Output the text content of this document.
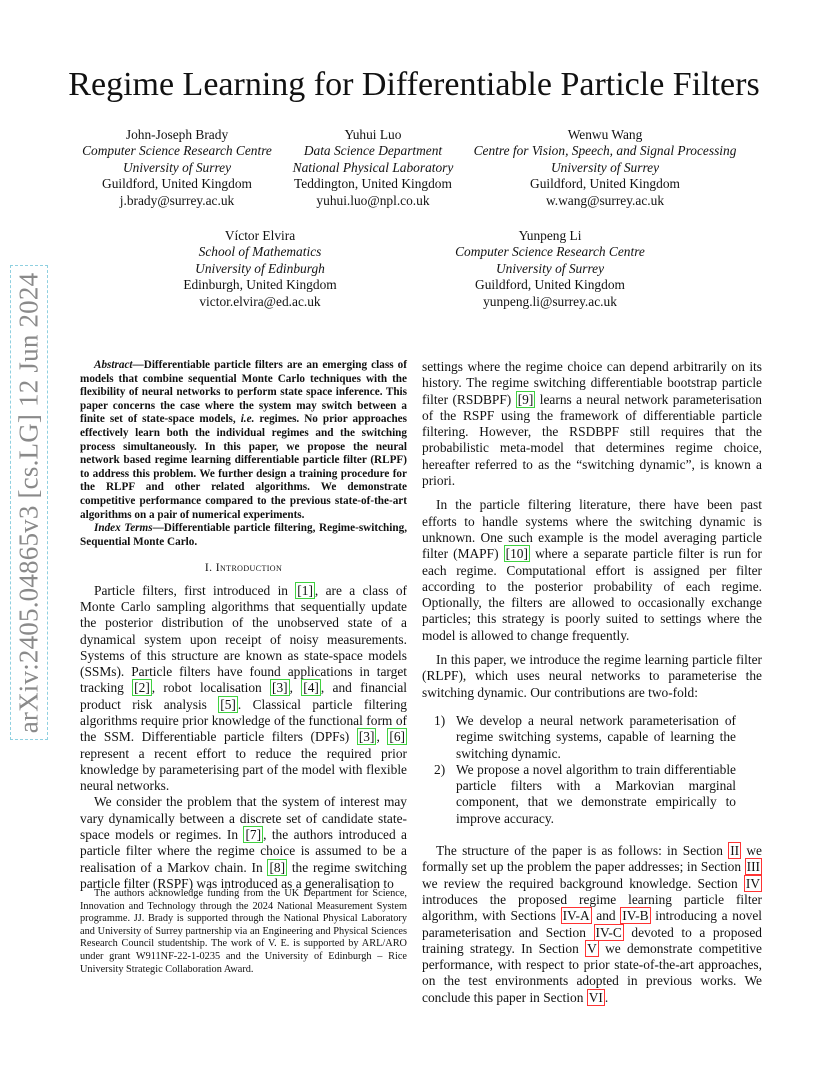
arXiv:2405.04865v3 [cs.LG] 12 Jun 2024
Regime Learning for Differentiable Particle Filters
John-Joseph Brady
Computer Science Research Centre
University of Surrey
Guildford, United Kingdom
j.brady@surrey.ac.uk
Yuhui Luo
Data Science Department
National Physical Laboratory
Teddington, United Kingdom
yuhui.luo@npl.co.uk
Wenwu Wang
Centre for Vision, Speech, and Signal Processing
University of Surrey
Guildford, United Kingdom
w.wang@surrey.ac.uk
Víctor Elvira
School of Mathematics
University of Edinburgh
Edinburgh, United Kingdom
victor.elvira@ed.ac.uk
Yunpeng Li
Computer Science Research Centre
University of Surrey
Guildford, United Kingdom
yunpeng.li@surrey.ac.uk

Abstract—Differentiable particle filters are an emerging class of models that combine sequential Monte Carlo techniques with the flexibility of neural networks to perform state space inference. This paper concerns the case where the system may switch between a finite set of state-space models, i.e. regimes. No prior approaches effectively learn both the individual regimes and the switching process simultaneously. In this paper, we propose the neural network based regime learning differentiable particle filter (RLPF) to address this problem. We further design a training procedure for the RLPF and other related algorithms. We demonstrate competitive performance compared to the previous state-of-the-art algorithms on a pair of numerical experiments.

Index Terms—Differentiable particle filtering, Regime-switching, Sequential Monte Carlo.

I. Introduction

Particle filters, first introduced in [1] , are a class of Monte Carlo sampling algorithms that sequentially update the posterior distribution of the unobserved state of a dynamical system upon receipt of noisy measurements. Systems of this structure are known as state-space models (SSMs). Particle filters have found applications in target tracking [2] , robot localisation [3] , [4] , and financial product risk analysis [5] . Classical particle filtering algorithms require prior knowledge of the functional form of the SSM. Differentiable particle filters (DPFs) [3] , [6] represent a recent effort to reduce the required prior knowledge by parameterising part of the model with flexible neural networks.

We consider the problem that the system of interest may vary dynamically between a discrete set of candidate state-space models or regimes. In [7] , the authors introduced a particle filter where the regime choice is assumed to be a realisation of a Markov chain. In [8] the regime switching particle filter (RSPF) was introduced as a generalisation to

The authors acknowledge funding from the UK Department for Science, Innovation and Technology through the 2024 National Measurement System programme. JJ. Brady is supported through the National Physical Laboratory and University of Surrey partnership via an Engineering and Physical Sciences Research Council studentship. The work of V. E. is supported by ARL/ARO under grant W911NF-22-1-0235 and the University of Edinburgh – Rice University Strategic Collaboration Award.

settings where the regime choice can depend arbitrarily on its history. The regime switching differentiable bootstrap particle filter (RSDBPF) [9] learns a neural network parameterisation of the RSPF using the framework of differentiable particle filtering. However, the RSDBPF still requires that the probabilistic meta-model that determines regime choice, hereafter referred to as the “switching dynamic”, is known a priori.

In the particle filtering literature, there have been past efforts to handle systems where the switching dynamic is unknown. One such example is the model averaging particle filter (MAPF) [10] where a separate particle filter is run for each regime. Computational effort is assigned per filter according to the posterior probability of each regime. Optionally, the filters are allowed to occasionally exchange particles; this strategy is poorly suited to settings where the model is allowed to change frequently.

In this paper, we introduce the regime learning particle filter (RLPF), which uses neural networks to parameterise the switching dynamic. Our contributions are two-fold:

1) We develop a neural network parameterisation of regime switching systems, capable of learning the switching dynamic.
2) We propose a novel algorithm to train differentiable particle filters with a Markovian marginal component, that we demonstrate empirically to improve accuracy.

The structure of the paper is as follows: in Section II we formally set up the problem the paper addresses; in Section III we review the required background knowledge. Section IV introduces the proposed regime learning particle filter algorithm, with Sections IV-A and IV-B introducing a novel parameterisation and Section IV-C devoted to a proposed training strategy. In Section V we demonstrate competitive performance, with respect to prior state-of-the-art approaches, on the test environments adopted in previous works. We conclude this paper in Section VI .
